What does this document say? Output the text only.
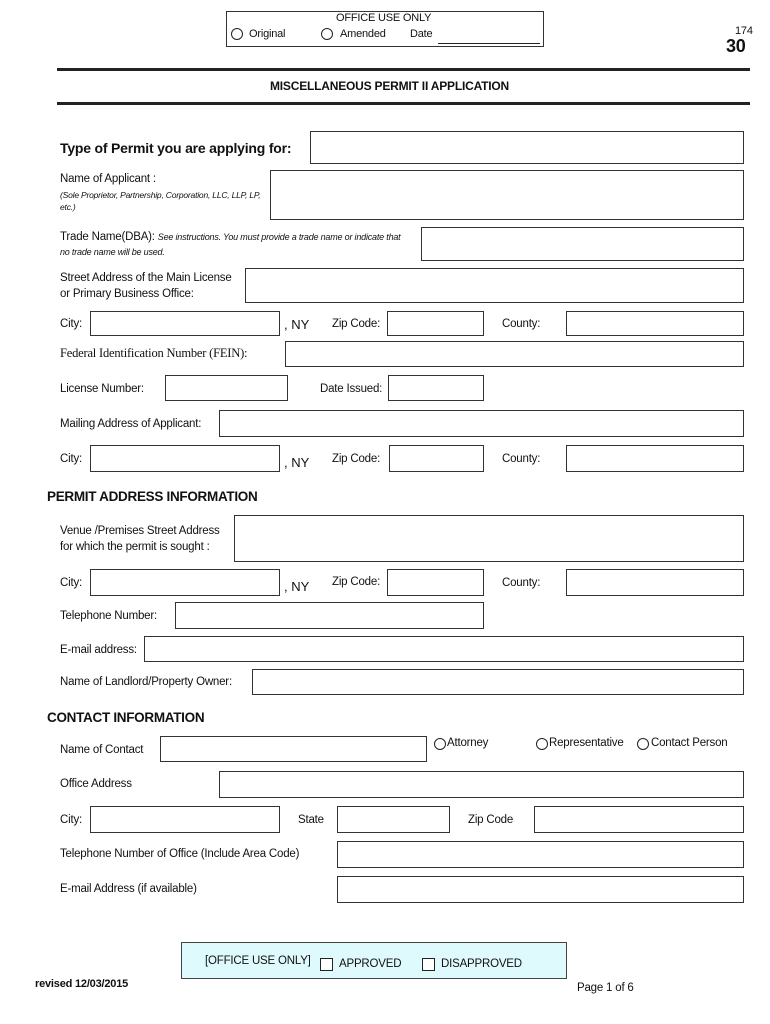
OFFICE USE ONLY
Original	Amended Date	174
30
MISCELLANEOUS PERMIT II APPLICATION
Type of Permit you are applying for:
Name of Applicant :
(Sole Proprietor, Partnership, Corporation, LLC, LLP, LP, etc.)
Trade Name(DBA): See instructions. You must provide a trade name or indicate that no trade name will be used.
Street Address of the Main License
or Primary Business Office:
City:	, NY Zip Code:	County:
Federal Identification Number (FEIN):
License Number:	Date Issued:
Mailing Address of Applicant:
City:	, NY Zip Code:	County:
PERMIT ADDRESS INFORMATION
Venue /Premises Street Address
for which the permit is sought :
City:	, NY Zip Code:	County:
Telephone Number:
E-mail address:
Name of Landlord/Property Owner:
CONTACT INFORMATION
Name of Contact
Attorney	Representative Contact Person
Office Address
City:	State	Zip Code
Telephone Number of Office (Include Area Code)
E-mail Address (if available)
[OFFICE USE ONLY] APPROVED	DISAPPROVED
revised 12/03/2015	Page 1 of 6
